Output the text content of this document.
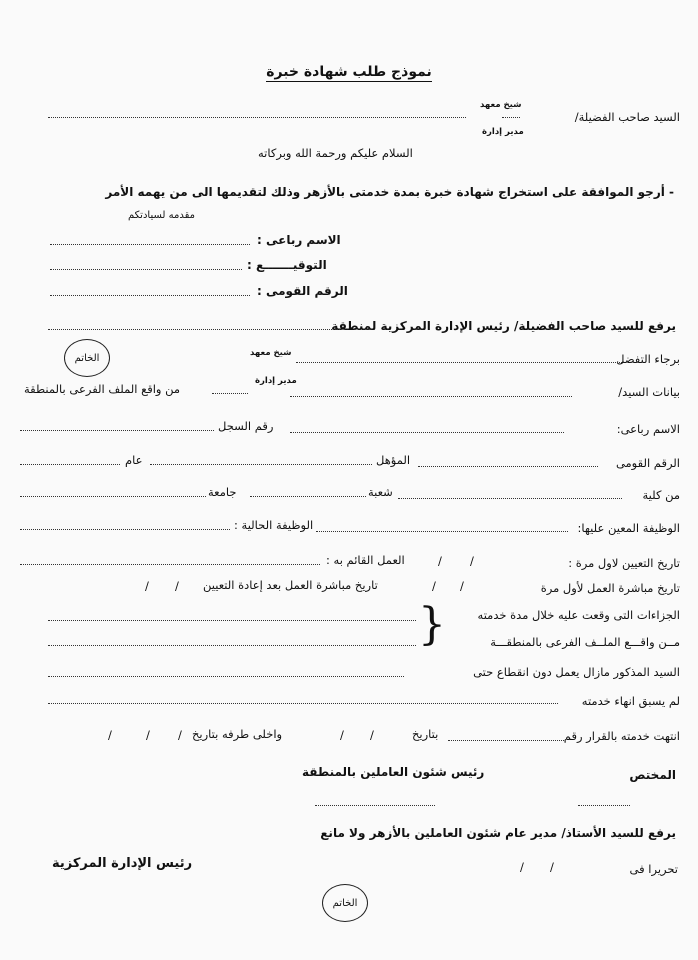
نموذج طلب شهادة خبرة
السيد صاحب الفضيلة/
شيخ معهد
مدير إدارة
السلام عليكم ورحمة الله وبركاته
- أرجو الموافقة على استخراج شهادة خبرة بمدة خدمتى بالأزهر وذلك لتقديمها الى من يهمه الأمر
مقدمه لسيادتكم
الاسم رباعى :
التوقيـــــــع :
الرقم القومى :
يرفع للسيد صاحب الفضيلة/ رئيس الإدارة المركزية لمنطقة
الخاتم	برجاء التفضل
شيخ معهد
مدير إدارة
بيانات السيد/
من واقع الملف الفرعى بالمنطقة
الاسم رباعى:
رقم السجل
الرقم القومى
المؤهل
عام
من كلية
شعبة
جامعة
الوظيفة المعين عليها:
الوظيفة الحالية :
تاريخ التعيين لاول مرة :
/
/
العمل القائم به :
تاريخ مباشرة العمل لأول مرة
/
/
تاريخ مباشرة العمل بعد إعادة التعيين
/
/
الجزاءات التى وقعت عليه خلال مدة خدمته
مــن واقـــع الملــف الفرعى بالمنطقـــة
{
السيد المذكور مازال يعمل دون انقطاع حتى
لم يسبق انهاء خدمته
انتهت خدمته بالقرار رقم
بتاريخ
/
/
واخلى طرفه بتاريخ
/
/
/
المختص
رئيس شئون العاملين بالمنطقة
يرفع للسيد الأستاذ/ مدير عام شئون العاملين بالأزهر ولا مانع
تحريرا فى
/
/
رئيس الإدارة المركزية
الخاتم
